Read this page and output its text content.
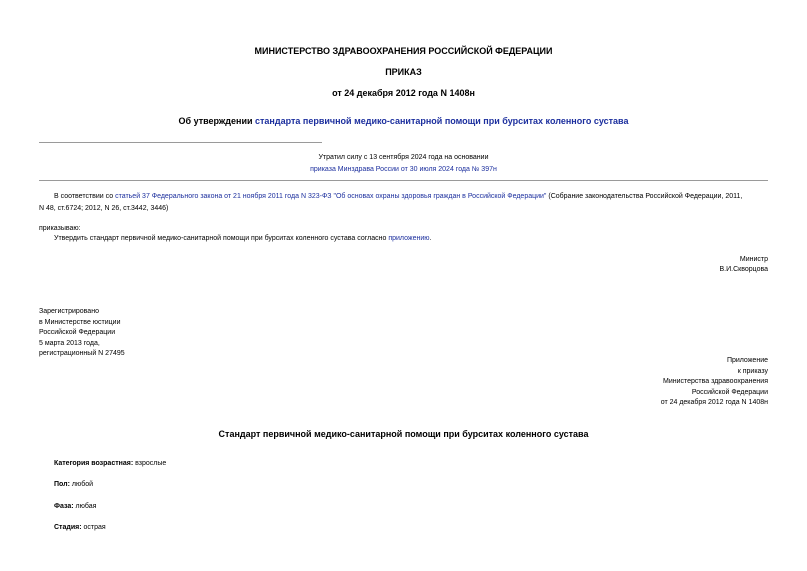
МИНИСТЕРСТВО ЗДРАВООХРАНЕНИЯ РОССИЙСКОЙ ФЕДЕРАЦИИ
ПРИКАЗ
от 24 декабря 2012 года N 1408н
Об утверждении стандарта первичной медико-санитарной помощи при бурситах коленного сустава
Утратил силу с 13 сентября 2024 года на основании
приказа Минздрава России от 30 июля 2024 года № 397н
В соответствии со статьей 37 Федерального закона от 21 ноября 2011 года N 323-ФЗ "Об основах охраны здоровья граждан в Российской Федерации" (Собрание законодательства Российской Федерации, 2011,
N 48, ст.6724; 2012, N 26, ст.3442, 3446)
приказываю:
Утвердить стандарт первичной медико-санитарной помощи при бурситах коленного сустава согласно приложению.
Министр
В.И.Скворцова
Зарегистрировано
в Министерстве юстиции
Российской Федерации
5 марта 2013 года,
регистрационный N 27495
Приложение
к приказу
Министерства здравоохранения
Российской Федерации
от 24 декабря 2012 года N 1408н
Стандарт первичной медико-санитарной помощи при бурситах коленного сустава
Категория возрастная: взрослые
Пол: любой
Фаза: любая
Стадия: острая
